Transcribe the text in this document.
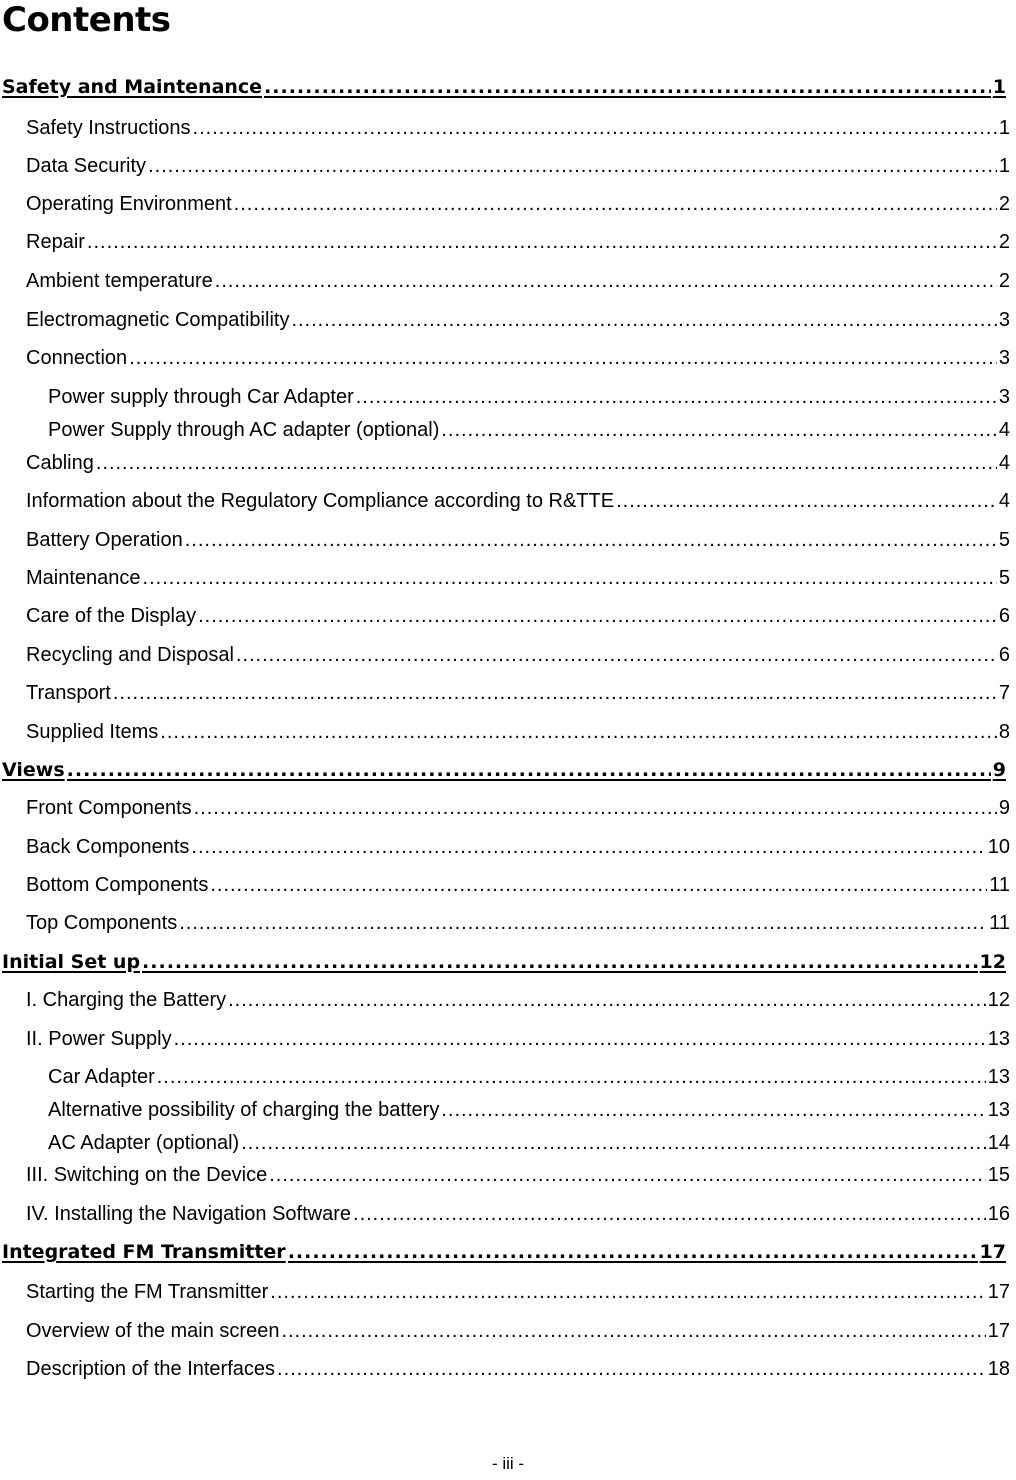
Contents
Safety and Maintenance .....	1
Safety Instructions .....	1
Data Security .....	1
Operating Environment .....	2
Repair .....	2
Ambient temperature .....	2
Electromagnetic Compatibility .....	3
Connection .....	3
Power supply through Car Adapter .....	3
Power Supply through AC adapter (optional) .....	4
Cabling .....	4
Information about the Regulatory Compliance according to R&TTE .....	4
Battery Operation .....	5
Maintenance .....	5
Care of the Display .....	6
Recycling and Disposal .....	6
Transport .....	7
Supplied Items .....	8
Views .....	9
Front Components .....	9
Back Components .....	10
Bottom Components .....	11
Top Components .....	11
Initial Set up .....	12
I. Charging the Battery .....	12
II. Power Supply .....	13
Car Adapter .....	13
Alternative possibility of charging the battery .....	13
AC Adapter (optional) .....	14
III. Switching on the Device .....	15
IV. Installing the Navigation Software .....	16
Integrated FM Transmitter .....	17
Starting the FM Transmitter .....	17
Overview of the main screen .....	17
Description of the Interfaces .....	18
- iii -
